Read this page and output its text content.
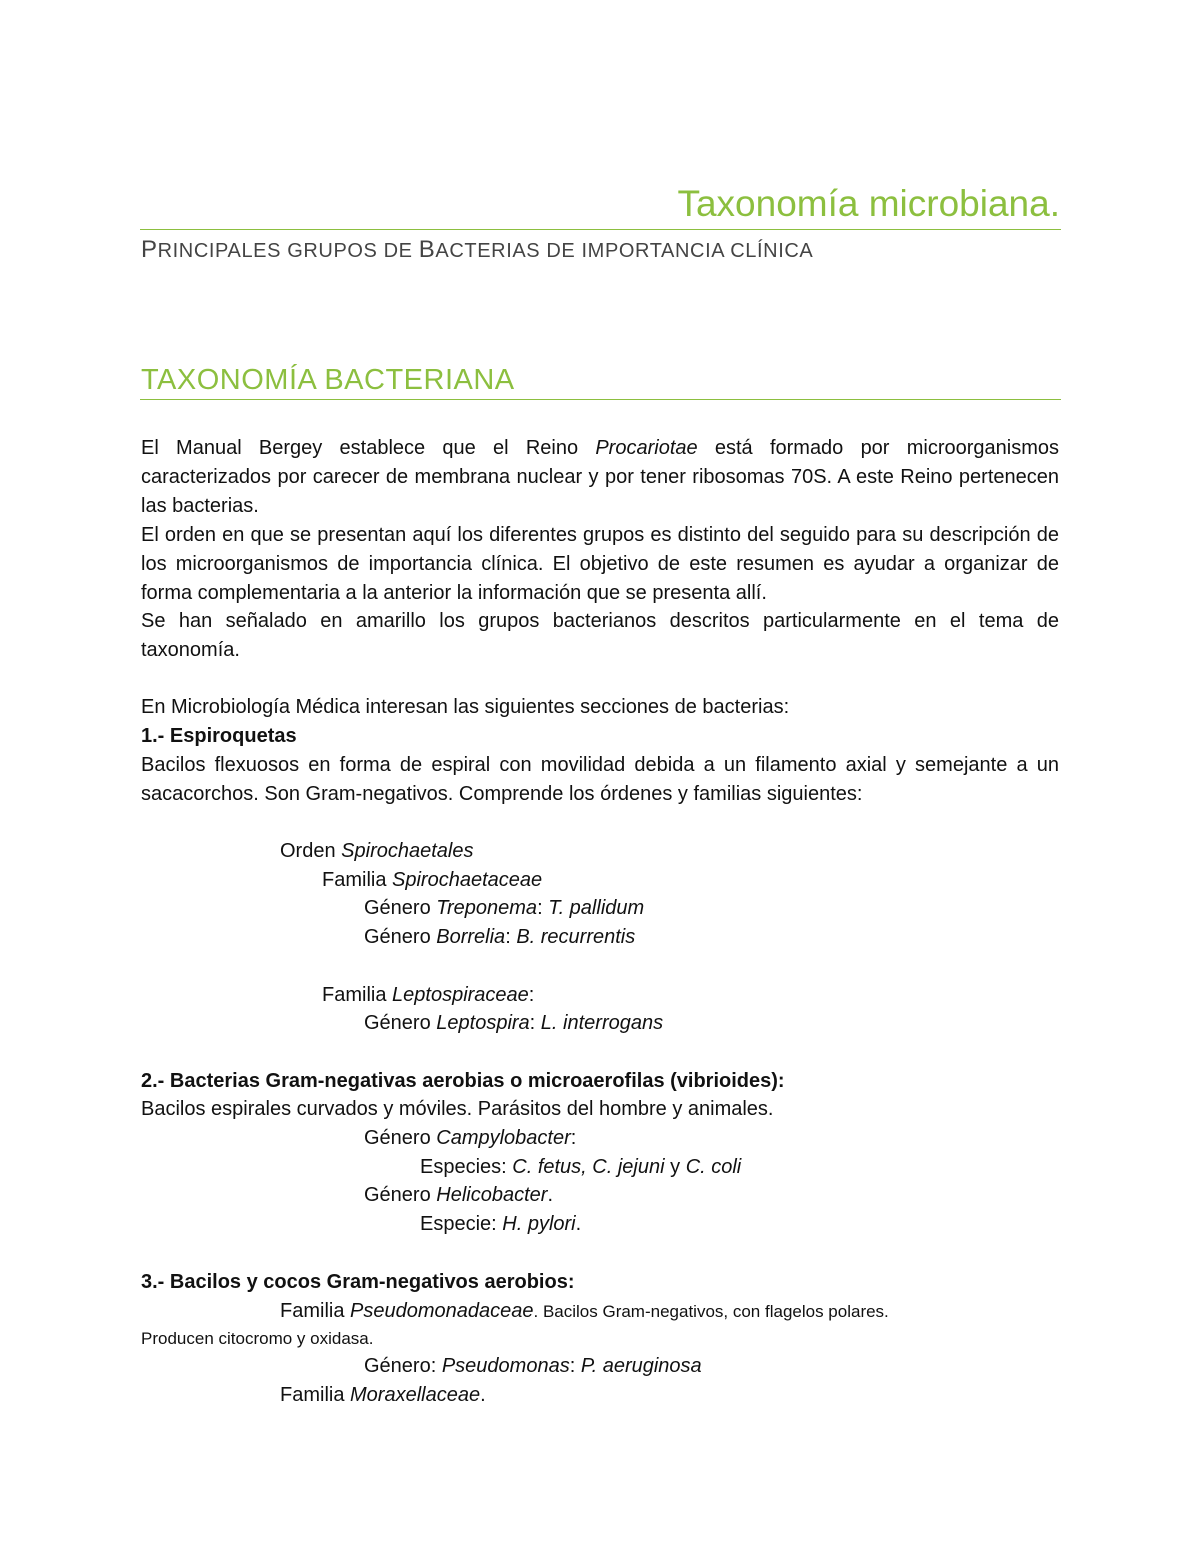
Taxonomía microbiana.
PRINCIPALES GRUPOS DE BACTERIAS DE IMPORTANCIA CLÍNICA
TAXONOMÍA BACTERIANA
El Manual Bergey establece que el Reino Procariotae está formado por microorganismos caracterizados por carecer de membrana nuclear y por tener ribosomas 70S. A este Reino pertenecen las bacterias.
El orden en que se presentan aquí los diferentes grupos es distinto del seguido para su descripción de los microorganismos de importancia clínica. El objetivo de este resumen es ayudar a organizar de forma complementaria a la anterior la información que se presenta allí.
Se han señalado en amarillo los grupos bacterianos descritos particularmente en el tema de taxonomía.
En Microbiología Médica interesan las siguientes secciones de bacterias:
1.- Espiroquetas
Bacilos flexuosos en forma de espiral con movilidad debida a un filamento axial y semejante a un sacacorchos. Son Gram-negativos. Comprende los órdenes y familias siguientes:
Orden Spirochaetales
Familia Spirochaetaceae
Género Treponema: T. pallidum
Género Borrelia: B. recurrentis
Familia Leptospiraceae:
Género Leptospira: L. interrogans
2.- Bacterias Gram-negativas aerobias o microaerofilas (vibrioides):
Bacilos espirales curvados y móviles. Parásitos del hombre y animales.
Género Campylobacter:
Especies: C. fetus, C. jejuni y C. coli
Género Helicobacter.
Especie: H. pylori.
3.- Bacilos y cocos Gram-negativos aerobios:
Familia Pseudomonadaceae. Bacilos Gram-negativos, con flagelos polares.
Producen citocromo y oxidasa.
Género: Pseudomonas: P. aeruginosa
Familia Moraxellaceae.
